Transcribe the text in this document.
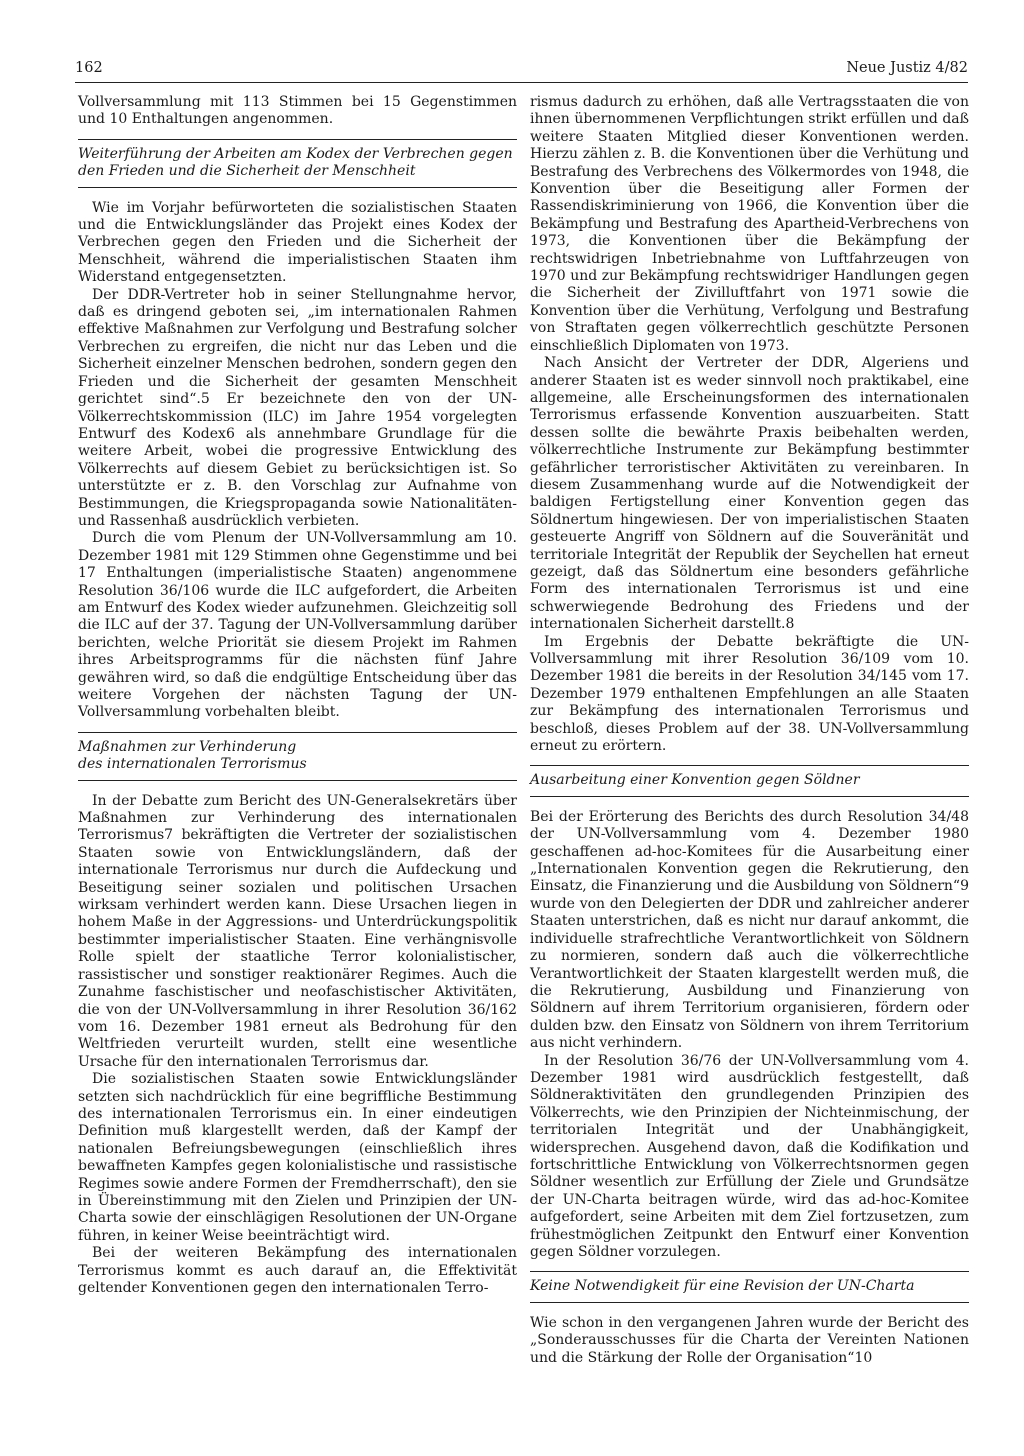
162	Neue Justiz 4/82

Vollversammlung mit 113 Stimmen bei 15 Gegenstimmen und 10 Enthaltungen angenommen.

Weiterführung der Arbeiten am Kodex der Verbrechen gegen den Frieden und die Sicherheit der Menschheit

Wie im Vorjahr befürworteten die sozialistischen Staaten und die Entwicklungsländer das Projekt eines Kodex der Verbrechen gegen den Frieden und die Sicherheit der Menschheit, während die imperialistischen Staaten ihm Widerstand entgegensetzten.

Der DDR-Vertreter hob in seiner Stellungnahme hervor, daß es dringend geboten sei, „im internationalen Rahmen effektive Maßnahmen zur Verfolgung und Bestrafung solcher Verbrechen zu ergreifen, die nicht nur das Leben und die Sicherheit einzelner Menschen bedrohen, sondern gegen den Frieden und die Sicherheit der gesamten Menschheit gerichtet sind“.5 Er bezeichnete den von der UN-Völkerrechtskommission (ILC) im Jahre 1954 vorgelegten Entwurf des Kodex6 als annehmbare Grundlage für die weitere Arbeit, wobei die progressive Entwicklung des Völkerrechts auf diesem Gebiet zu berücksichtigen ist. So unterstützte er z. B. den Vorschlag zur Aufnahme von Bestimmungen, die Kriegspropaganda sowie Nationalitäten- und Rassenhaß ausdrücklich verbieten.

Durch die vom Plenum der UN-Vollversammlung am 10. Dezember 1981 mit 129 Stimmen ohne Gegenstimme und bei 17 Enthaltungen (imperialistische Staaten) angenommene Resolution 36/106 wurde die ILC aufgefordert, die Arbeiten am Entwurf des Kodex wieder aufzunehmen. Gleichzeitig soll die ILC auf der 37. Tagung der UN-Vollversammlung darüber berichten, welche Priorität sie diesem Projekt im Rahmen ihres Arbeitsprogramms für die nächsten fünf Jahre gewähren wird, so daß die endgültige Entscheidung über das weitere Vorgehen der nächsten Tagung der UN-Vollversammlung vorbehalten bleibt.

Maßnahmen zur Verhinderung
des internationalen Terrorismus

In der Debatte zum Bericht des UN-Generalsekretärs über Maßnahmen zur Verhinderung des internationalen Terrorismus7 bekräftigten die Vertreter der sozialistischen Staaten sowie von Entwicklungsländern, daß der internationale Terrorismus nur durch die Aufdeckung und Beseitigung seiner sozialen und politischen Ursachen wirksam verhindert werden kann. Diese Ursachen liegen in hohem Maße in der Aggressions- und Unterdrückungspolitik bestimmter imperialistischer Staaten. Eine verhängnisvolle Rolle spielt der staatliche Terror kolonialistischer, rassistischer und sonstiger reaktionärer Regimes. Auch die Zunahme faschistischer und neofaschistischer Aktivitäten, die von der UN-Vollversammlung in ihrer Resolution 36/162 vom 16. Dezember 1981 erneut als Bedrohung für den Weltfrieden verurteilt wurden, stellt eine wesentliche Ursache für den internationalen Terrorismus dar.

Die sozialistischen Staaten sowie Entwicklungsländer setzten sich nachdrücklich für eine begriffliche Bestimmung des internationalen Terrorismus ein. In einer eindeutigen Definition muß klargestellt werden, daß der Kampf der nationalen Befreiungsbewegungen (einschließlich ihres bewaffneten Kampfes gegen kolonialistische und rassistische Regimes sowie andere Formen der Fremdherrschaft), den sie in Übereinstimmung mit den Zielen und Prinzipien der UN-Charta sowie der einschlägigen Resolutionen der UN-Organe führen, in keiner Weise beeinträchtigt wird.

Bei der weiteren Bekämpfung des internationalen Terrorismus kommt es auch darauf an, die Effektivität geltender Konventionen gegen den internationalen Terro-

rismus dadurch zu erhöhen, daß alle Vertragsstaaten die von ihnen übernommenen Verpflichtungen strikt erfüllen und daß weitere Staaten Mitglied dieser Konventionen werden. Hierzu zählen z. B. die Konventionen über die Verhütung und Bestrafung des Verbrechens des Völkermordes von 1948, die Konvention über die Beseitigung aller Formen der Rassendiskriminierung von 1966, die Konvention über die Bekämpfung und Bestrafung des Apartheid-Verbrechens von 1973, die Konventionen über die Bekämpfung der rechtswidrigen Inbetriebnahme von Luftfahrzeugen von 1970 und zur Bekämpfung rechtswidriger Handlungen gegen die Sicherheit der Zivilluftfahrt von 1971 sowie die Konvention über die Verhütung, Verfolgung und Bestrafung von Straftaten gegen völkerrechtlich geschützte Personen einschließlich Diplomaten von 1973.

Nach Ansicht der Vertreter der DDR, Algeriens und anderer Staaten ist es weder sinnvoll noch praktikabel, eine allgemeine, alle Erscheinungsformen des internationalen Terrorismus erfassende Konvention auszuarbeiten. Statt dessen sollte die bewährte Praxis beibehalten werden, völkerrechtliche Instrumente zur Bekämpfung bestimmter gefährlicher terroristischer Aktivitäten zu vereinbaren. In diesem Zusammenhang wurde auf die Notwendigkeit der baldigen Fertigstellung einer Konvention gegen das Söldnertum hingewiesen. Der von imperialistischen Staaten gesteuerte Angriff von Söldnern auf die Souveränität und territoriale Integrität der Republik der Seychellen hat erneut gezeigt, daß das Söldnertum eine besonders gefährliche Form des internationalen Terrorismus ist und eine schwerwiegende Bedrohung des Friedens und der internationalen Sicherheit darstellt.8

Im Ergebnis der Debatte bekräftigte die UN-Vollversammlung mit ihrer Resolution 36/109 vom 10. Dezember 1981 die bereits in der Resolution 34/145 vom 17. Dezember 1979 enthaltenen Empfehlungen an alle Staaten zur Bekämpfung des internationalen Terrorismus und beschloß, dieses Problem auf der 38. UN-Vollversammlung erneut zu erörtern.

Ausarbeitung einer Konvention gegen Söldner

Bei der Erörterung des Berichts des durch Resolution 34/48 der UN-Vollversammlung vom 4. Dezember 1980 geschaffenen ad-hoc-Komitees für die Ausarbeitung einer „Internationalen Konvention gegen die Rekrutierung, den Einsatz, die Finanzierung und die Ausbildung von Söldnern“9 wurde von den Delegierten der DDR und zahlreicher anderer Staaten unterstrichen, daß es nicht nur darauf ankommt, die individuelle strafrechtliche Verantwortlichkeit von Söldnern zu normieren, sondern daß auch die völkerrechtliche Verantwortlichkeit der Staaten klargestellt werden muß, die die Rekrutierung, Ausbildung und Finanzierung von Söldnern auf ihrem Territorium organisieren, fördern oder dulden bzw. den Einsatz von Söldnern von ihrem Territorium aus nicht verhindern.

In der Resolution 36/76 der UN-Vollversammlung vom 4. Dezember 1981 wird ausdrücklich festgestellt, daß Söldneraktivitäten den grundlegenden Prinzipien des Völkerrechts, wie den Prinzipien der Nichteinmischung, der territorialen Integrität und der Unabhängigkeit, widersprechen. Ausgehend davon, daß die Kodifikation und fortschrittliche Entwicklung von Völkerrechtsnormen gegen Söldner wesentlich zur Erfüllung der Ziele und Grundsätze der UN-Charta beitragen würde, wird das ad-hoc-Komitee aufgefordert, seine Arbeiten mit dem Ziel fortzusetzen, zum frühestmöglichen Zeitpunkt den Entwurf einer Konvention gegen Söldner vorzulegen.

Keine Notwendigkeit für eine Revision der UN-Charta

Wie schon in den vergangenen Jahren wurde der Bericht des „Sonderausschusses für die Charta der Vereinten Nationen und die Stärkung der Rolle der Organisation“10
